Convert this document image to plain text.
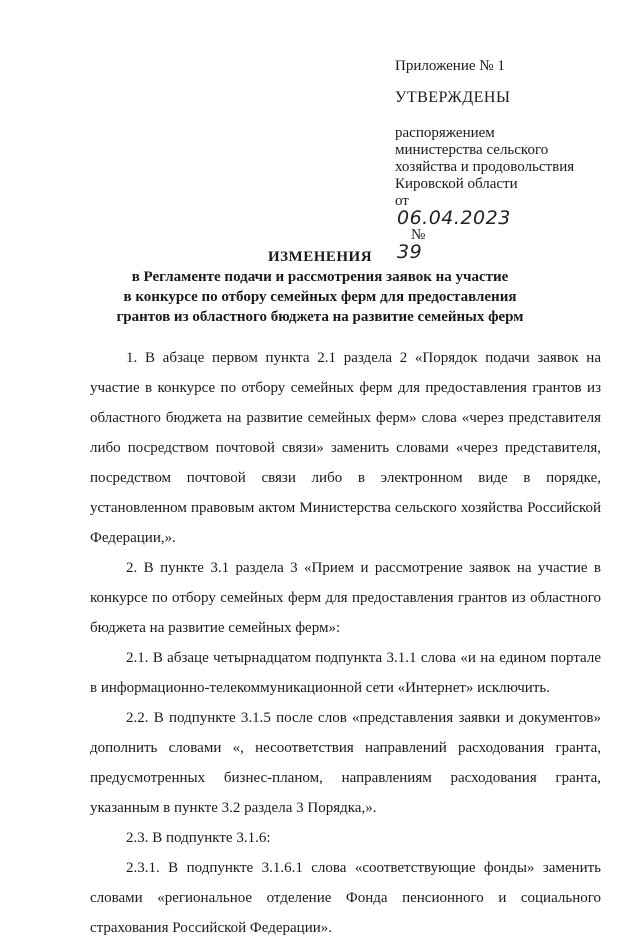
Приложение № 1
УТВЕРЖДЕНЫ
распоряжением
министерства сельского
хозяйства и продовольствия
Кировской области
от
06.04.2023
№
39
ИЗМЕНЕНИЯ
в Регламенте подачи и рассмотрения заявок на участие
в конкурсе по отбору семейных ферм для предоставления
грантов из областного бюджета на развитие семейных ферм

1. В абзаце первом пункта 2.1 раздела 2 «Порядок подачи заявок на участие в конкурсе по отбору семейных ферм для предоставления грантов из областного бюджета на развитие семейных ферм» слова «через представителя либо посредством почтовой связи» заменить словами «через представителя, посредством почтовой связи либо в электронном виде в порядке, установленном правовым актом Министерства сельского хозяйства Российской Федерации,».

2. В пункте 3.1 раздела 3 «Прием и рассмотрение заявок на участие в конкурсе по отбору семейных ферм для предоставления грантов из областного бюджета на развитие семейных ферм»:

2.1. В абзаце четырнадцатом подпункта 3.1.1 слова «и на едином портале в информационно-телекоммуникационной сети «Интернет» исключить.

2.2. В подпункте 3.1.5 после слов «представления заявки и документов» дополнить словами «, несоответствия направлений расходования гранта, предусмотренных бизнес-планом, направлениям расходования гранта, указанным в пункте 3.2 раздела 3 Порядка,».

2.3. В подпункте 3.1.6:

2.3.1. В подпункте 3.1.6.1 слова «соответствующие фонды» заменить словами «региональное отделение Фонда пенсионного и социального страхования Российской Федерации».
